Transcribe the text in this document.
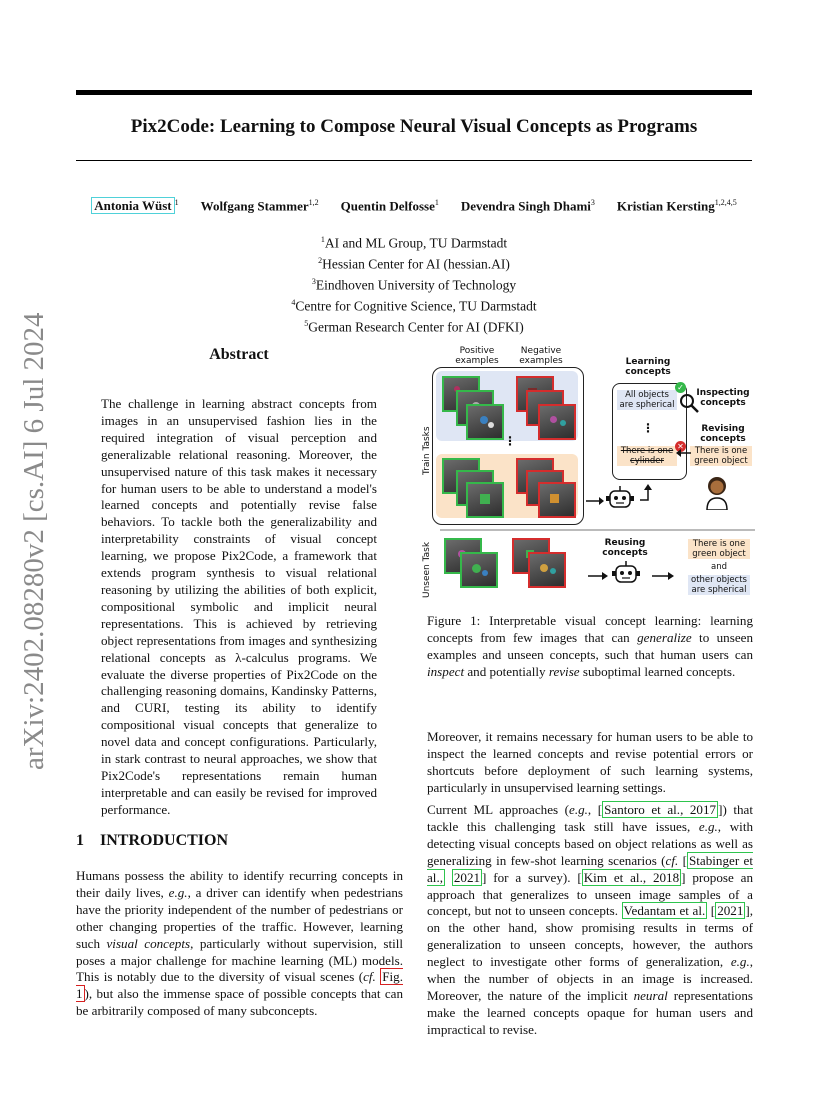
Pix2Code: Learning to Compose Neural Visual Concepts as Programs
Antonia Wüst $^1$ Wolfgang Stammer$^{1,2}$ Quentin Delfosse$^1$ Devendra Singh Dhami$^3$ Kristian Kersting$^{1,2,4,5}$
$^1$AI and ML Group, TU Darmstadt
$^2$Hessian Center for AI (hessian.AI)
$^3$Eindhoven University of Technology
$^4$Centre for Cognitive Science, TU Darmstadt
$^5$German Research Center for AI (DFKI)
arXiv:2402.08280v2 [cs.AI] 6 Jul 2024	Abstract
The challenge in learning abstract concepts from images in an unsupervised fashion lies in the required integration of visual perception and generalizable relational reasoning. Moreover, the unsupervised nature of this task makes it necessary for human users to be able to understand a model's learned concepts and potentially revise false behaviors. To tackle both the generalizability and interpretability constraints of visual concept learning, we propose Pix2Code, a framework that extends program synthesis to visual relational reasoning by utilizing the abilities of both explicit, compositional symbolic and implicit neural representations. This is achieved by retrieving object representations from images and synthesizing relational concepts as λ-calculus programs. We evaluate the diverse properties of Pix2Code on the challenging reasoning domains, Kandinsky Patterns, and CURI, testing its ability to identify compositional visual concepts that generalize to novel data and concept configurations. Particularly, in stark contrast to neural approaches, we show that Pix2Code's representations remain human interpretable and can easily be revised for improved performance.
1 INTRODUCTION
Humans possess the ability to identify recurring concepts in their daily lives, e.g., a driver can identify when pedestrians have the priority independent of the number of pedestrians or other changing properties of the traffic. However, learning such visual concepts, particularly without supervision, still poses a major challenge for machine learning (ML) models. This is notably due to the diversity of visual scenes (cf. Fig. 1 ), but also the immense space of possible concepts that can be arbitrarily composed of many subconcepts.
Positive examples
Negative examples
⋮
Train Tasks
Learning concepts
All objects are spherical
⋮
There is one cylinder
✓
✕
Inspecting concepts
Revising concepts
There is one green object
Unseen Task	Reusing concepts
There is one green object
and
other objects are spherical
Figure 1: Interpretable visual concept learning: learning concepts from few images that can generalize to unseen examples and unseen concepts, such that human users can inspect and potentially revise suboptimal learned concepts.
Moreover, it remains necessary for human users to be able to inspect the learned concepts and revise potential errors or shortcuts before deployment of such learning systems, particularly in unsupervised learning settings.
Current ML approaches (e.g., [ Santoro et al., 2017 ]) that tackle this challenging task still have issues, e.g., with detecting visual concepts based on object relations as well as generalizing in few-shot learning scenarios (cf. [ Stabinger et al., 2021 ] for a survey). [ Kim et al., 2018 ] propose an approach that generalizes to unseen image samples of a concept, but not to unseen concepts. Vedantam et al. [ 2021 ], on the other hand, show promising results in terms of generalization to unseen concepts, however, the authors neglect to investigate other forms of generalization, e.g., when the number of objects in an image is increased. Moreover, the nature of the implicit neural representations make the learned concepts opaque for human users and impractical to revise.
